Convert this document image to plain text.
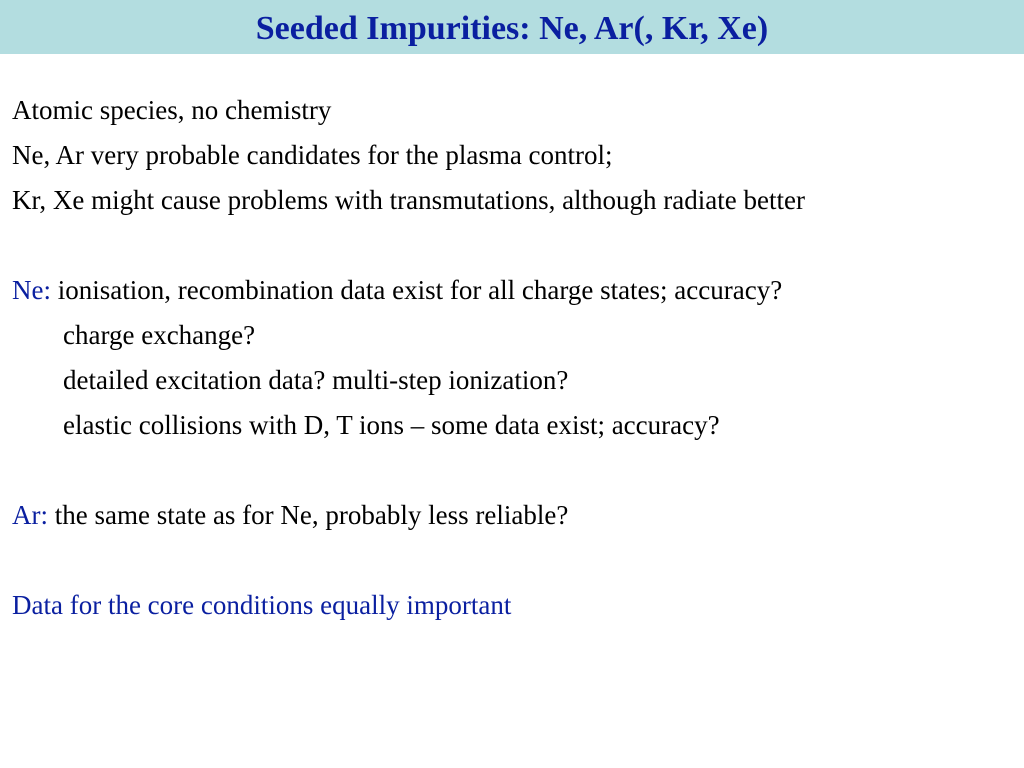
Seeded Impurities: Ne, Ar(, Kr, Xe)
Atomic species, no chemistry
Ne, Ar very probable candidates for the plasma control;
Kr, Xe might cause problems with transmutations, although radiate better
Ne: ionisation, recombination data exist for all charge states; accuracy?
charge exchange?
detailed excitation data? multi-step ionization?
elastic collisions with D, T ions – some data exist; accuracy?
Ar: the same state as for Ne, probably less reliable?
Data for the core conditions equally important
